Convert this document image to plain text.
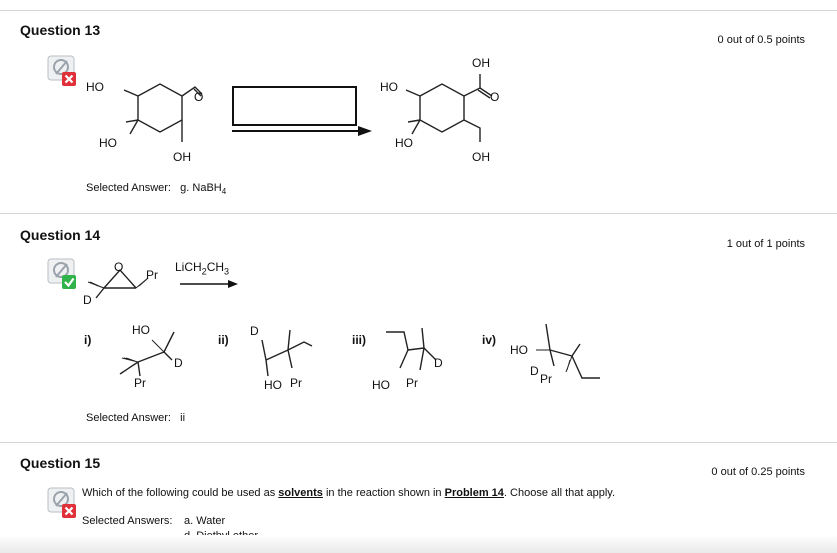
Question 13
0 out of 0.5 points
HO
O
HO
OH
HO
OH
O
HO
OH
Selected Answer: g. NaBH$_4$
Question 14
1 out of 1 points
O
Pr
D
$LiCH_2CH_3$
i)
HO
D
Pr
ii)
D
HO Pr
iii)
D
HO Pr
iv)
HO
D
Pr
Selected Answer: ii
Question 15
0 out of 0.25 points
Which of the following could be used as solvents in the reaction shown in Problem 14. Choose all that apply.
Selected Answers: a. Water
